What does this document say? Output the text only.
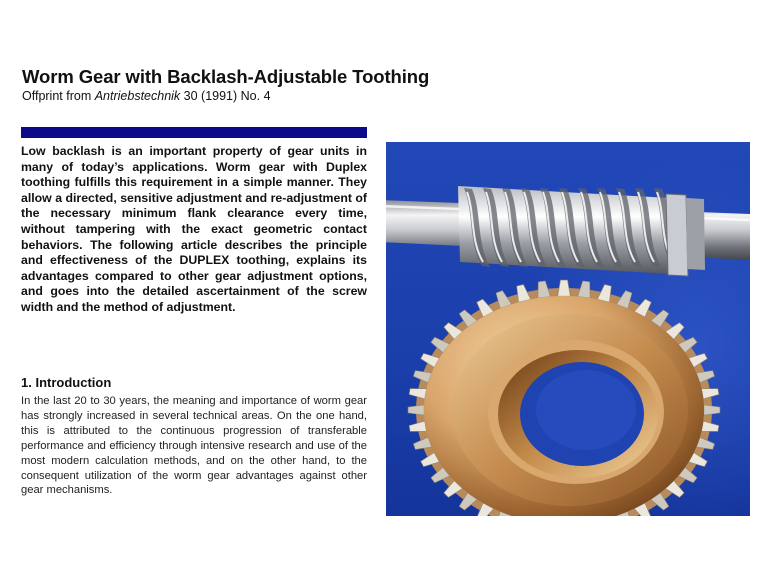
Worm Gear with Backlash-Adjustable Toothing

Offprint from Antriebstechnik 30 (1991) No. 4

Low backlash is an important property of gear units in many of today’s applications. Worm gear with Duplex toothing fulfills this requirement in a simple manner. They allow a directed, sensitive adjustment and re-adjustment of the necessary minimum flank clearance every time, without tampering with the exact geometric contact behaviors. The following article describes the principle and effectiveness of the DUPLEX toothing, explains its advantages compared to other gear adjustment options, and goes into the detailed ascertainment of the screw width and the method of adjustment.

1. Introduction

In the last 20 to 30 years, the meaning and importance of worm gear has strongly increased in several technical areas. On the one hand, this is attributed to the continuous progression of transferable performance and efficiency through intensive research and use of the most modern calculation methods, and on the other hand, to the consequent utilization of the worm gear advantages against other gear mechanisms.
